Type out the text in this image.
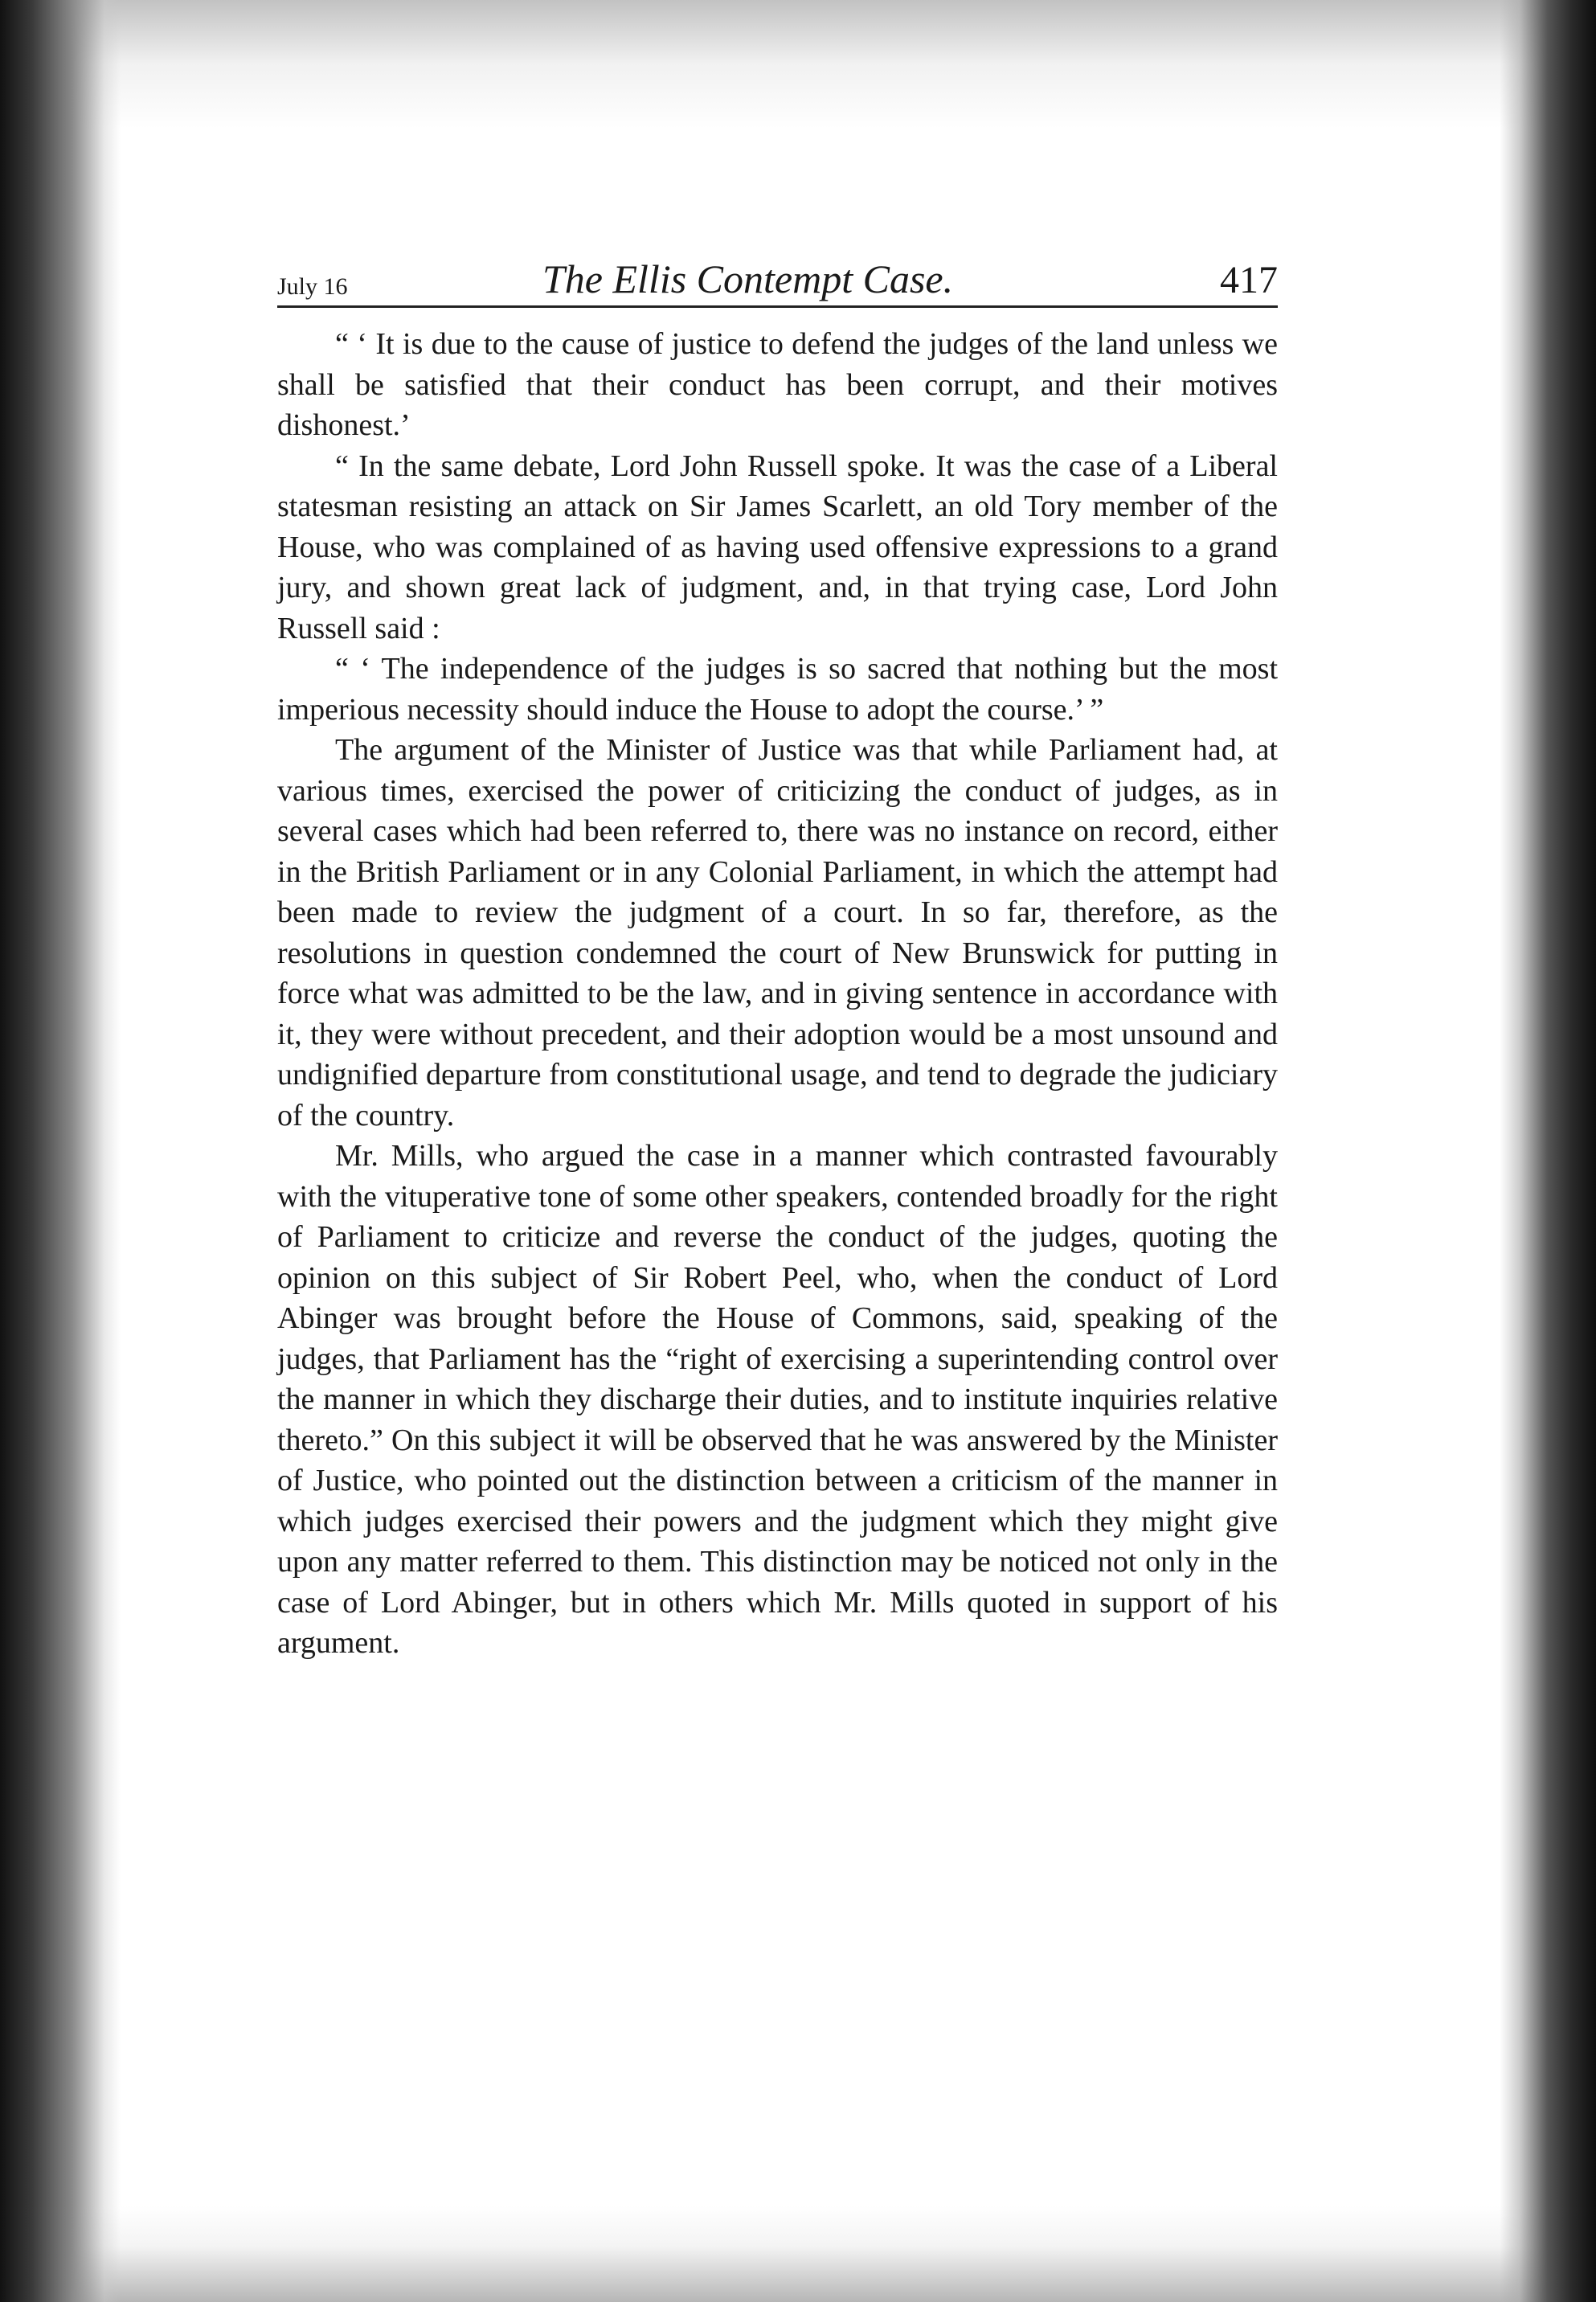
July 16	The Ellis Contempt Case.	417

“ ‘ It is due to the cause of justice to defend the judges of the land unless we shall be satisfied that their conduct has been corrupt, and their motives dishonest.’

“ In the same debate, Lord John Russell spoke. It was the case of a Liberal statesman resisting an attack on Sir James Scarlett, an old Tory member of the House, who was complained of as having used offensive expressions to a grand jury, and shown great lack of judgment, and, in that trying case, Lord John Russell said :

“ ‘ The independence of the judges is so sacred that nothing but the most imperious necessity should induce the House to adopt the course.’ ”

The argument of the Minister of Justice was that while Parliament had, at various times, exercised the power of criticizing the conduct of judges, as in several cases which had been referred to, there was no instance on record, either in the British Parliament or in any Colonial Parliament, in which the attempt had been made to review the judgment of a court. In so far, therefore, as the resolutions in question condemned the court of New Brunswick for putting in force what was admitted to be the law, and in giving sentence in accordance with it, they were without precedent, and their adoption would be a most unsound and undignified departure from constitutional usage, and tend to degrade the judiciary of the country.

Mr. Mills, who argued the case in a manner which contrasted favourably with the vituperative tone of some other speakers, contended broadly for the right of Parliament to criticize and reverse the conduct of the judges, quoting the opinion on this subject of Sir Robert Peel, who, when the conduct of Lord Abinger was brought before the House of Commons, said, speaking of the judges, that Parliament has the “right of exercising a superintending control over the manner in which they discharge their duties, and to institute inquiries relative thereto.” On this subject it will be observed that he was answered by the Minister of Justice, who pointed out the distinction between a criticism of the manner in which judges exercised their powers and the judgment which they might give upon any matter referred to them. This distinction may be noticed not only in the case of Lord Abinger, but in others which Mr. Mills quoted in support of his argument.
